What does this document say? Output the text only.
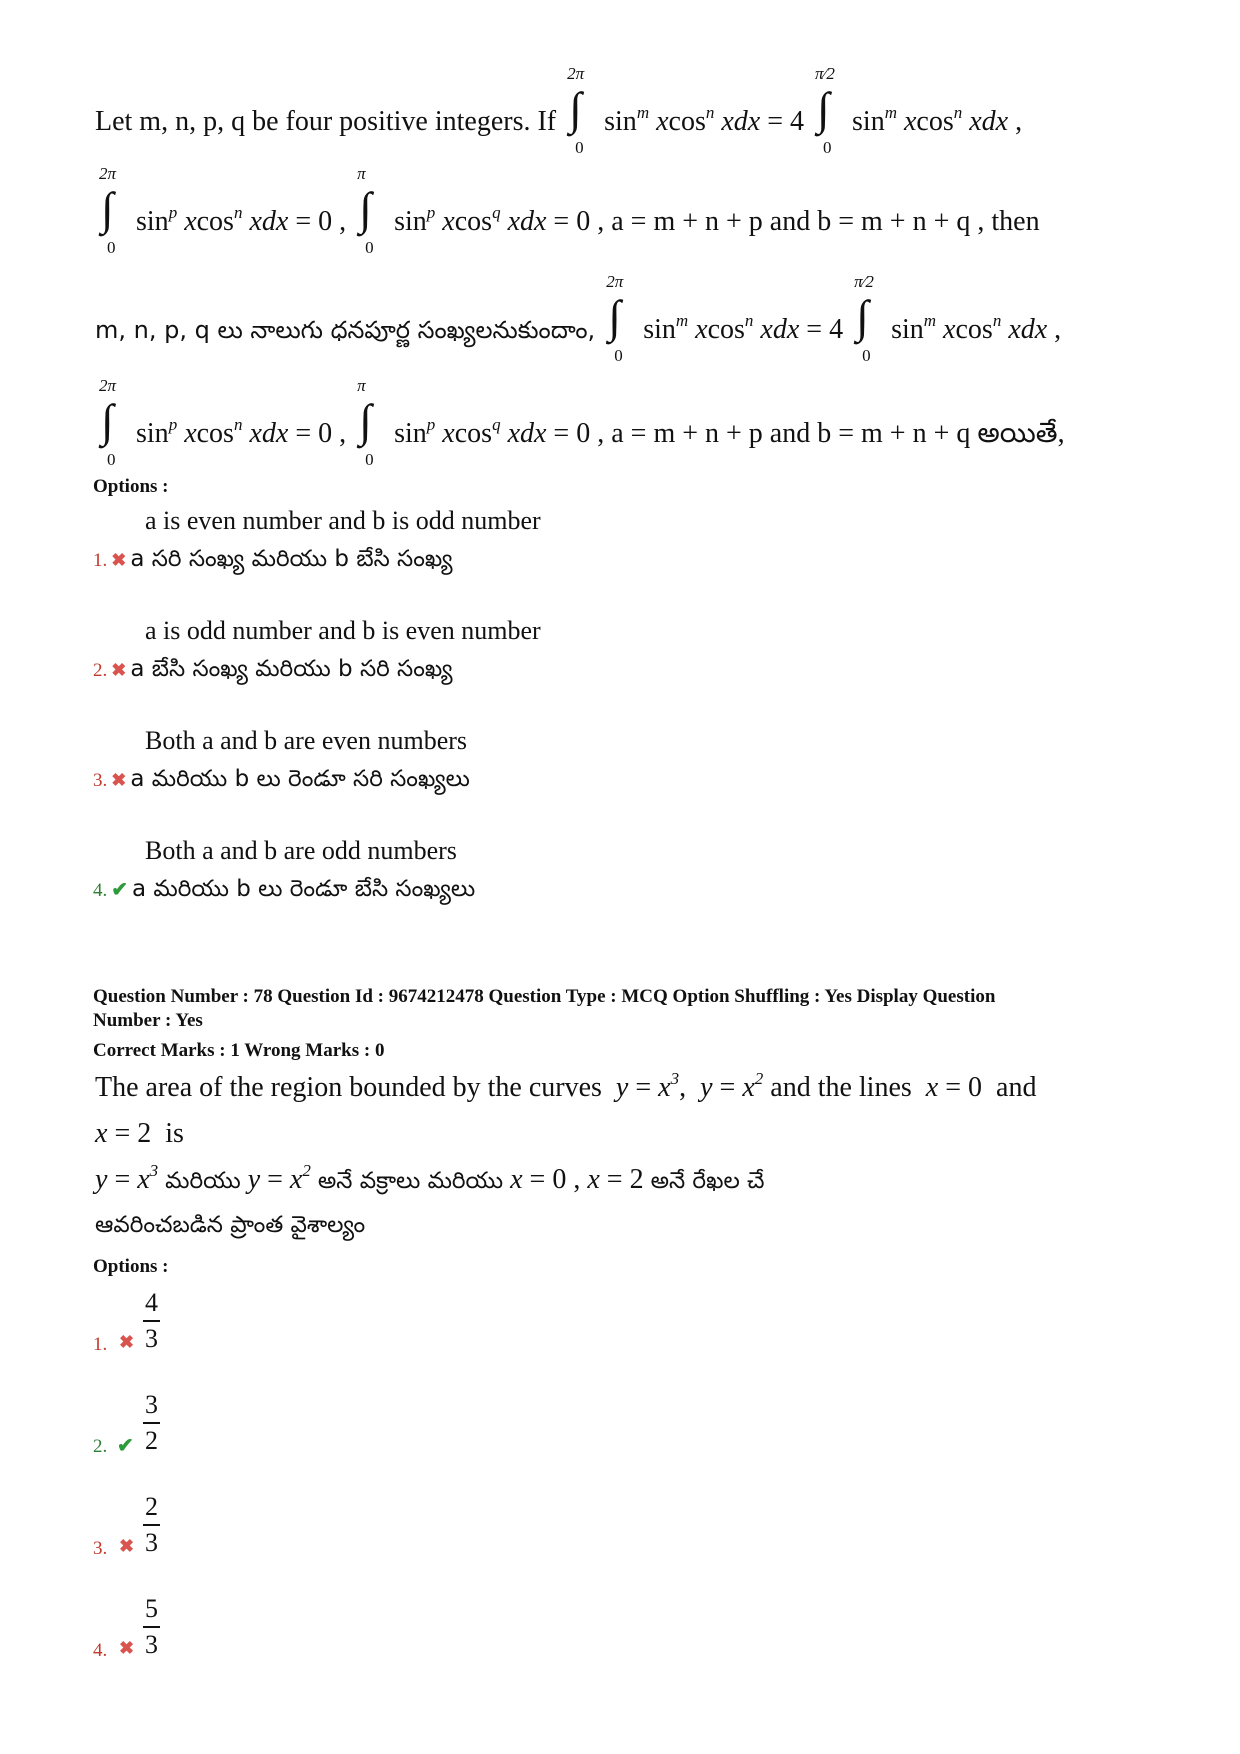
Let m, n, p, q be four positive integers. If
2π
∫
0
$\sin^m xcos^n$ xdx = 4
π⁄2
∫
0
$\sin^m xcos^n$ xdx ,
2π
∫
0
$\sin^p xcos^n$ xdx = 0 ,
π
∫
0
$\sin^p xcos^q$ xdx = 0 , a = m + n + p and b = m + n + q , then
m, n, p, q లు నాలుగు ధనపూర్ణ సంఖ్యలనుకుందాం,
2π
∫
0
$\sin^m xcos^n$ xdx = 4
π⁄2
∫
0
$\sin^m xcos^n$ xdx ,
2π
∫
0
$\sin^p xcos^n$ xdx = 0 ,
π
∫
0
$\sin^p xcos^q$ xdx = 0 , a = m + n + p and b = m + n + q అయితే,
Options :
a is even number and b is odd number
1. ✖ a సరి సంఖ్య మరియు b బేసి సంఖ్య
a is odd number and b is even number
2. ✖ a బేసి సంఖ్య మరియు b సరి సంఖ్య
Both a and b are even numbers
3. ✖ a మరియు b లు రెండూ సరి సంఖ్యలు
Both a and b are odd numbers
4. ✔ a మరియు b లు రెండూ బేసి సంఖ్యలు
Question Number : 78 Question Id : 9674212478 Question Type : MCQ Option Shuffling : Yes Display Question
Number : Yes
Correct Marks : 1 Wrong Marks : 0
The area of the region bounded by the curves $y = x^3$,  $y = x^2$ and the lines x = 0  and
x = 2  is
$y = x^3$ మరియు $y = x^2$ అనే వక్రాలు మరియు x = 0 , x = 2 అనే రేఖల చే
ఆవరించబడిన ప్రాంత వైశాల్యం
Options :
1. ✖ $\frac{4}{3}$
2. ✔ $\frac{3}{2}$
3. ✖ $\frac{2}{3}$
4. ✖ $\frac{5}{3}$
